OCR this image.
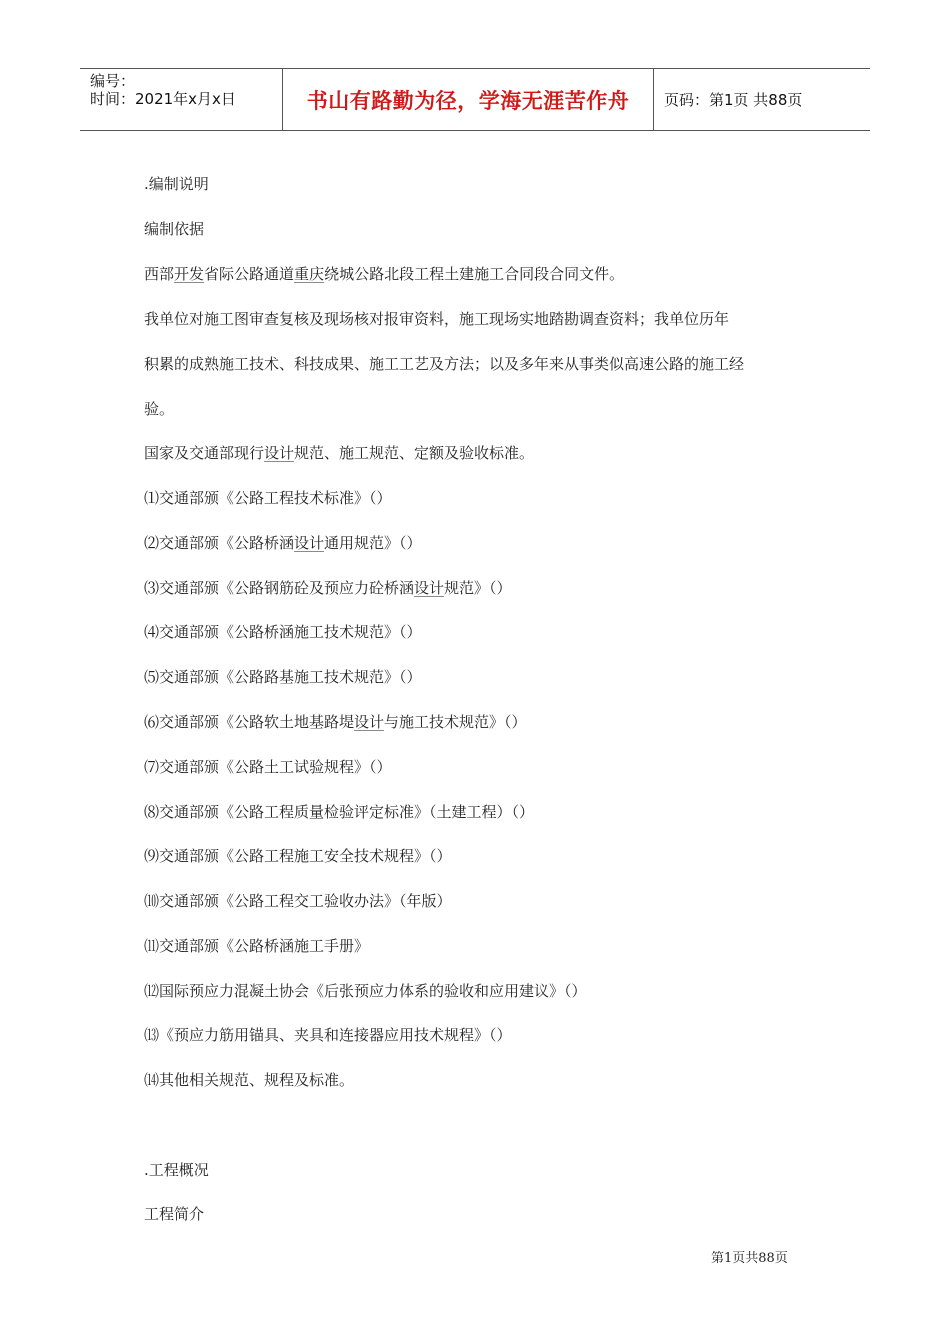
编号：
时间：2021年x月x日	书山有路勤为径，学海无涯苦作舟	页码：第1页 共88页
.编制说明
编制依据
西部开发省际公路通道重庆绕城公路北段工程土建施工合同段合同文件。
我单位对施工图审查复核及现场核对报审资料，施工现场实地踏勘调查资料；我单位历年
积累的成熟施工技术、科技成果、施工工艺及方法；以及多年来从事类似高速公路的施工经
验。
国家及交通部现行设计规范、施工规范、定额及验收标准。
⑴交通部颁《公路工程技术标准》（）
⑵交通部颁《公路桥涵设计通用规范》（）
⑶交通部颁《公路钢筋砼及预应力砼桥涵设计规范》（）
⑷交通部颁《公路桥涵施工技术规范》（）
⑸交通部颁《公路路基施工技术规范》（）
⑹交通部颁《公路软土地基路堤设计与施工技术规范》（）
⑺交通部颁《公路土工试验规程》（）
⑻交通部颁《公路工程质量检验评定标准》（土建工程）（）
⑼交通部颁《公路工程施工安全技术规程》（）
⑽交通部颁《公路工程交工验收办法》（年版）
⑾交通部颁《公路桥涵施工手册》
⑿国际预应力混凝土协会《后张预应力体系的验收和应用建议》（）
⒀《预应力筋用锚具、夹具和连接器应用技术规程》（）
⒁其他相关规范、规程及标准。
.工程概况
工程简介
第1页共88页
